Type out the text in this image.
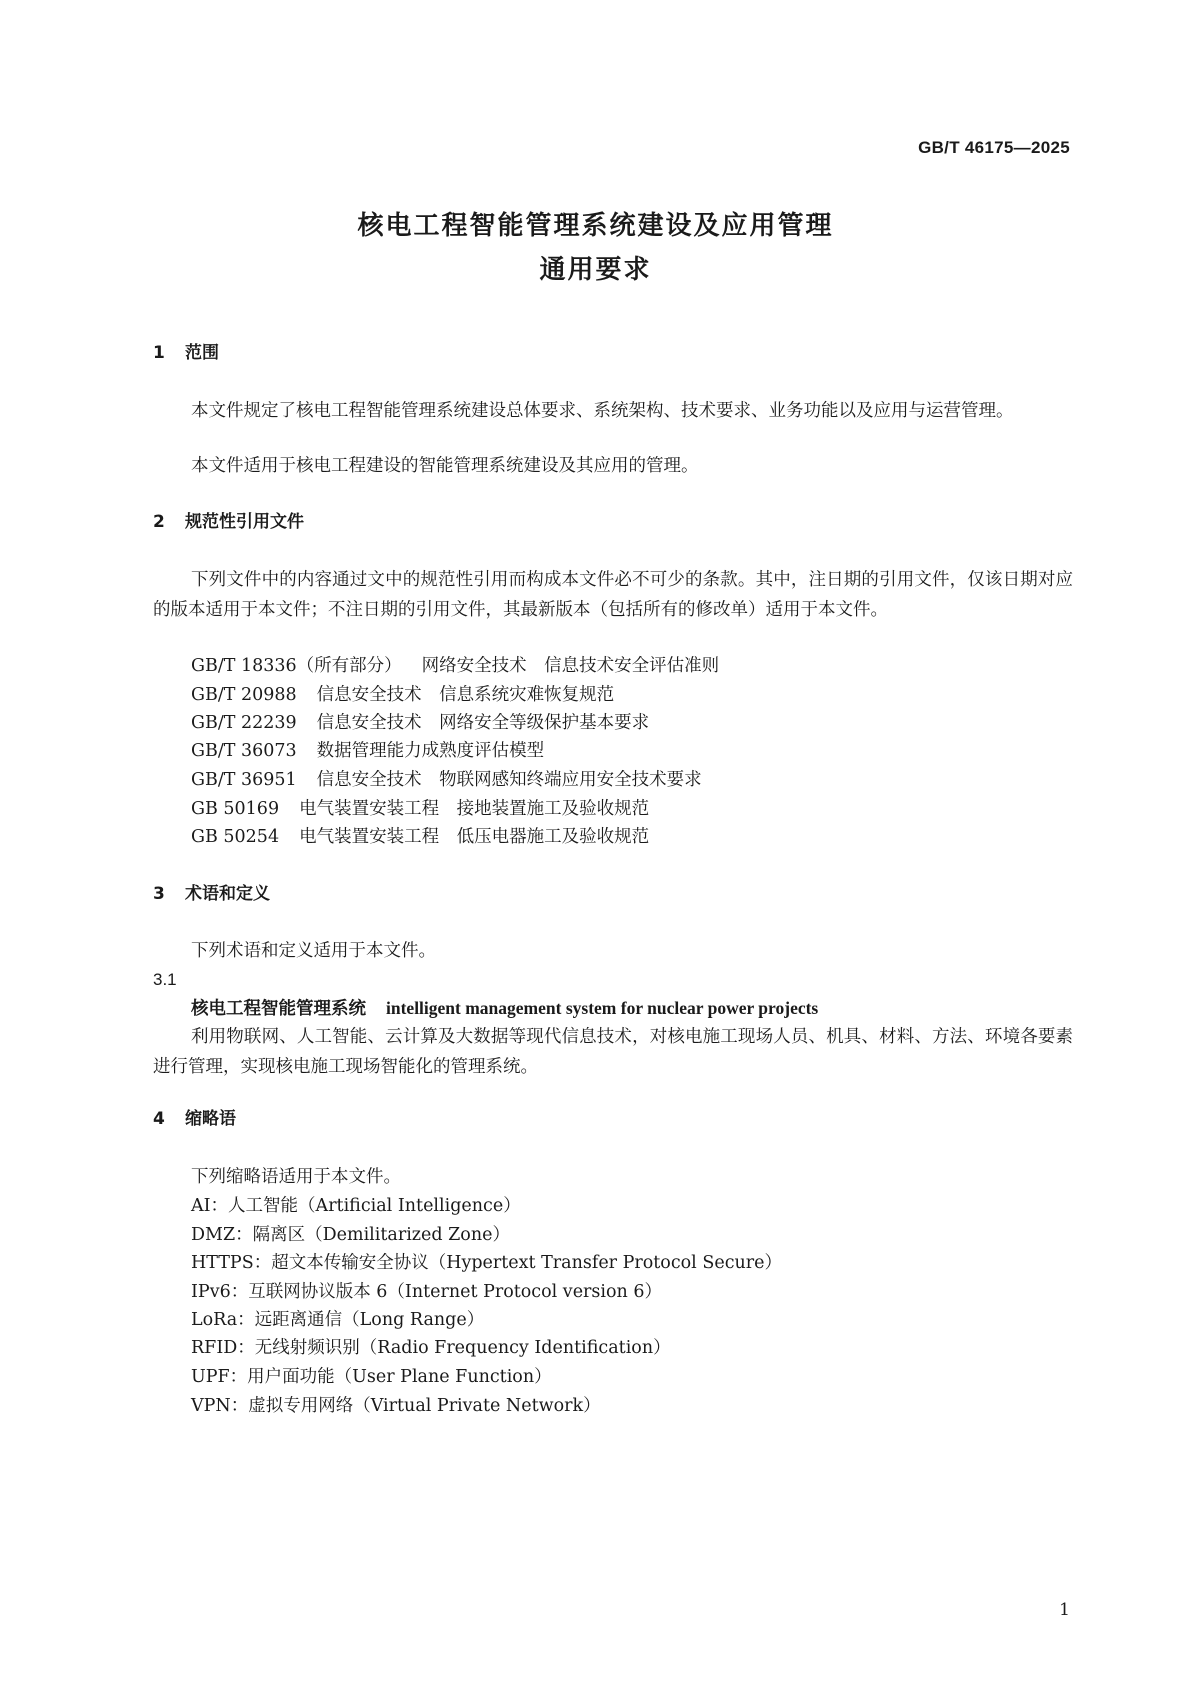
GB/T 46175—2025
核电工程智能管理系统建设及应用管理
通用要求
1 范围

本文件规定了核电工程智能管理系统建设总体要求、系统架构、技术要求、业务功能以及应用与运营管理。

本文件适用于核电工程建设的智能管理系统建设及其应用的管理。

2 规范性引用文件

下列文件中的内容通过文中的规范性引用而构成本文件必不可少的条款。其中，注日期的引用文件，仅该日期对应的版本适用于本文件；不注日期的引用文件，其最新版本（包括所有的修改单）适用于本文件。

GB/T 18336（所有部分） 网络安全技术　信息技术安全评估准则
GB/T 20988 信息安全技术　信息系统灾难恢复规范
GB/T 22239 信息安全技术　网络安全等级保护基本要求
GB/T 36073 数据管理能力成熟度评估模型
GB/T 36951 信息安全技术　物联网感知终端应用安全技术要求
GB 50169 电气装置安装工程　接地装置施工及验收规范
GB 50254 电气装置安装工程　低压电器施工及验收规范
3 术语和定义

下列术语和定义适用于本文件。

3.1
核电工程智能管理系统 intelligent management system for nuclear power projects

利用物联网、人工智能、云计算及大数据等现代信息技术，对核电施工现场人员、机具、材料、方法、环境各要素进行管理，实现核电施工现场智能化的管理系统。

4 缩略语

下列缩略语适用于本文件。

AI：人工智能（Artificial Intelligence）
DMZ：隔离区（Demilitarized Zone）
HTTPS：超文本传输安全协议（Hypertext Transfer Protocol Secure）
IPv6：互联网协议版本 6（Internet Protocol version 6）
LoRa：远距离通信（Long Range）
RFID：无线射频识别（Radio Frequency Identification）
UPF：用户面功能（User Plane Function）
VPN：虚拟专用网络（Virtual Private Network）
1
